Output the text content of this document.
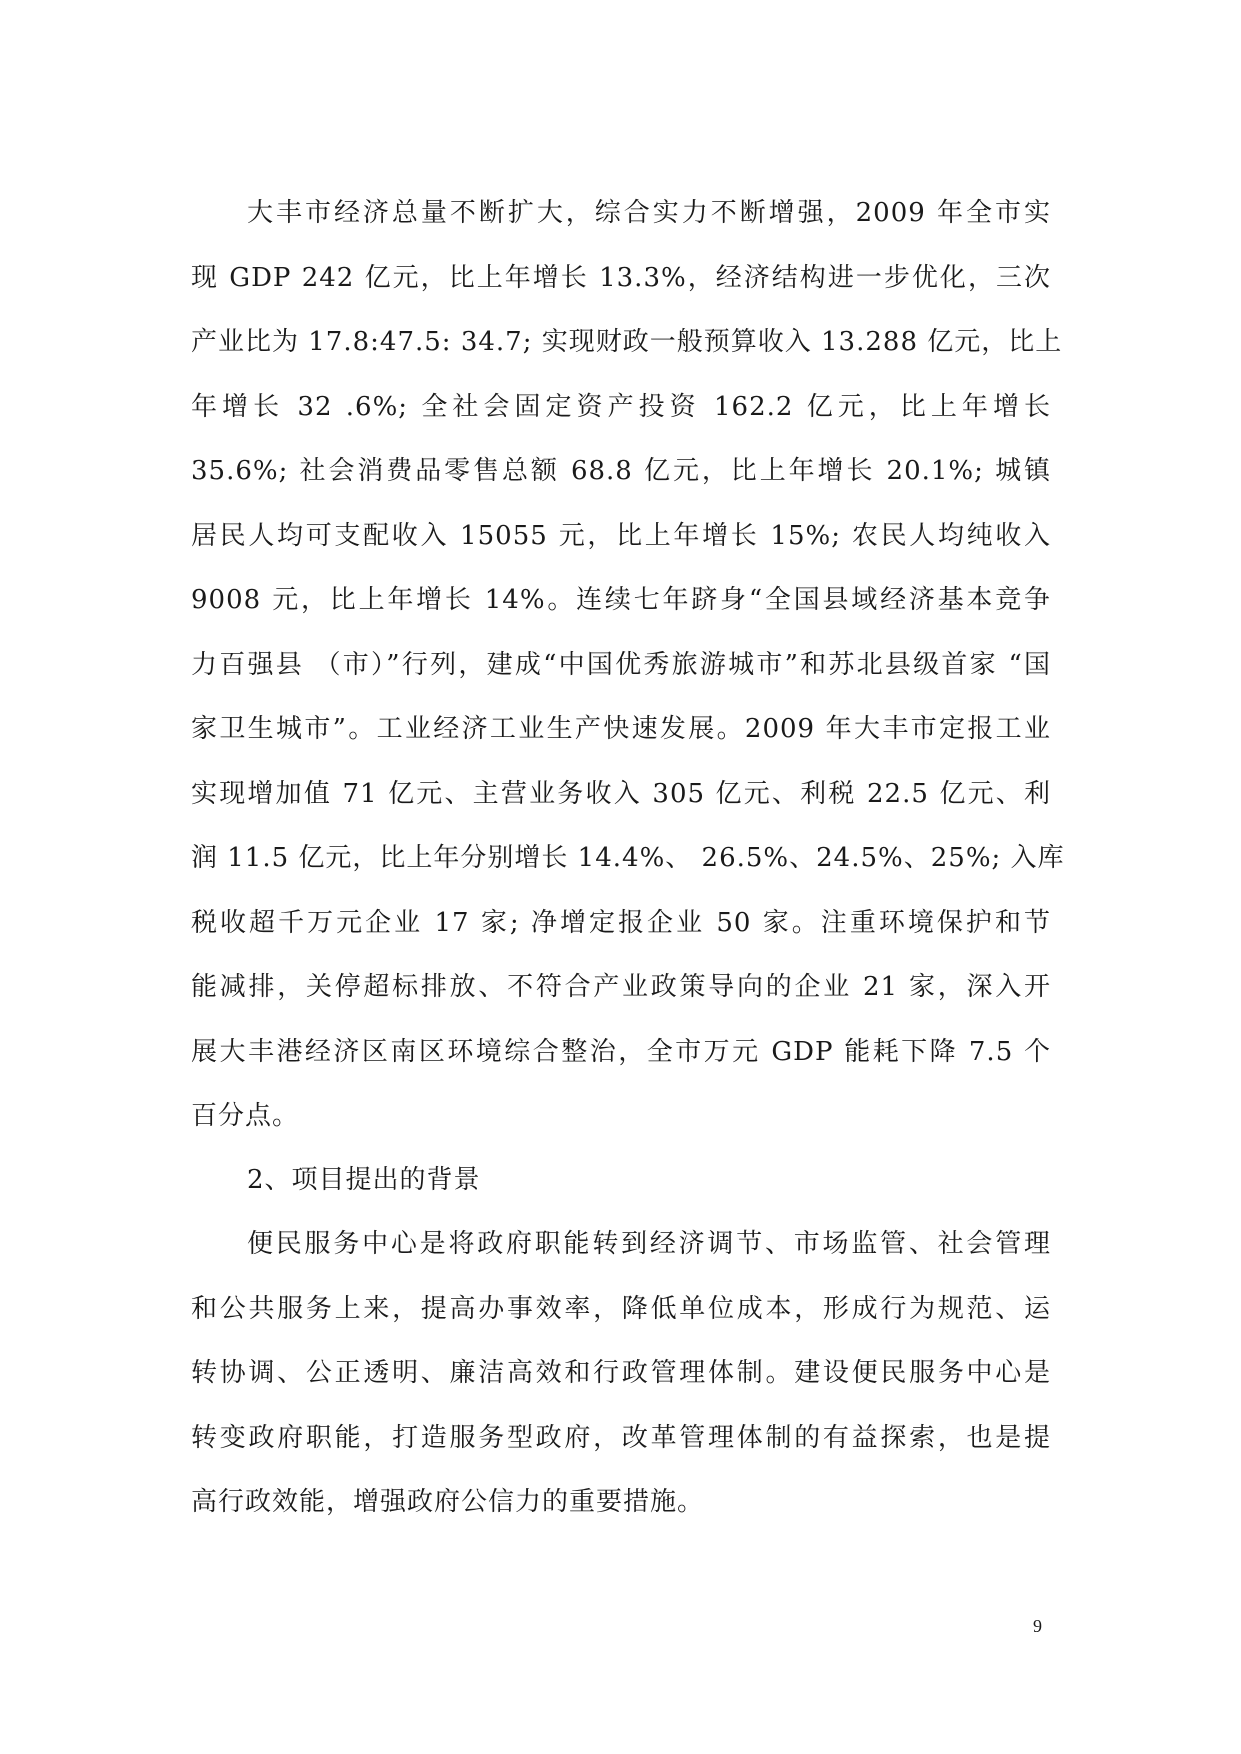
大丰市经济总量不断扩大，综合实力不断增强，2009 年全市实
现 GDP 242 亿元，比上年增长 13.3%，经济结构进一步优化，三次
产业比为 17.8:47.5: 34.7; 实现财政一般预算收入 13.288 亿元，比上
年增长 32 .6%; 全社会固定资产投资 162.2 亿元，比上年增长
35.6%; 社会消费品零售总额 68.8 亿元，比上年增长 20.1%; 城镇
居民人均可支配收入 15055 元，比上年增长 15%; 农民人均纯收入
9008 元，比上年增长 14%。连续七年跻身“全国县域经济基本竞争
力百强县 （市）”行列，建成“中国优秀旅游城市”和苏北县级首家 “国
家卫生城市”。工业经济工业生产快速发展。2009 年大丰市定报工业
实现增加值 71 亿元、主营业务收入 305 亿元、利税 22.5 亿元、利
润 11.5 亿元，比上年分别增长 14.4%、 26.5%、24.5%、25%; 入库
税收超千万元企业 17 家; 净增定报企业 50 家。注重环境保护和节
能减排，关停超标排放、不符合产业政策导向的企业 21 家，深入开
展大丰港经济区南区环境综合整治，全市万元 GDP 能耗下降 7.5 个
百分点。
2、项目提出的背景
便民服务中心是将政府职能转到经济调节、市场监管、社会管理
和公共服务上来，提高办事效率，降低单位成本，形成行为规范、运
转协调、公正透明、廉洁高效和行政管理体制。建设便民服务中心是
转变政府职能，打造服务型政府，改革管理体制的有益探索，也是提
高行政效能，增强政府公信力的重要措施。
9
